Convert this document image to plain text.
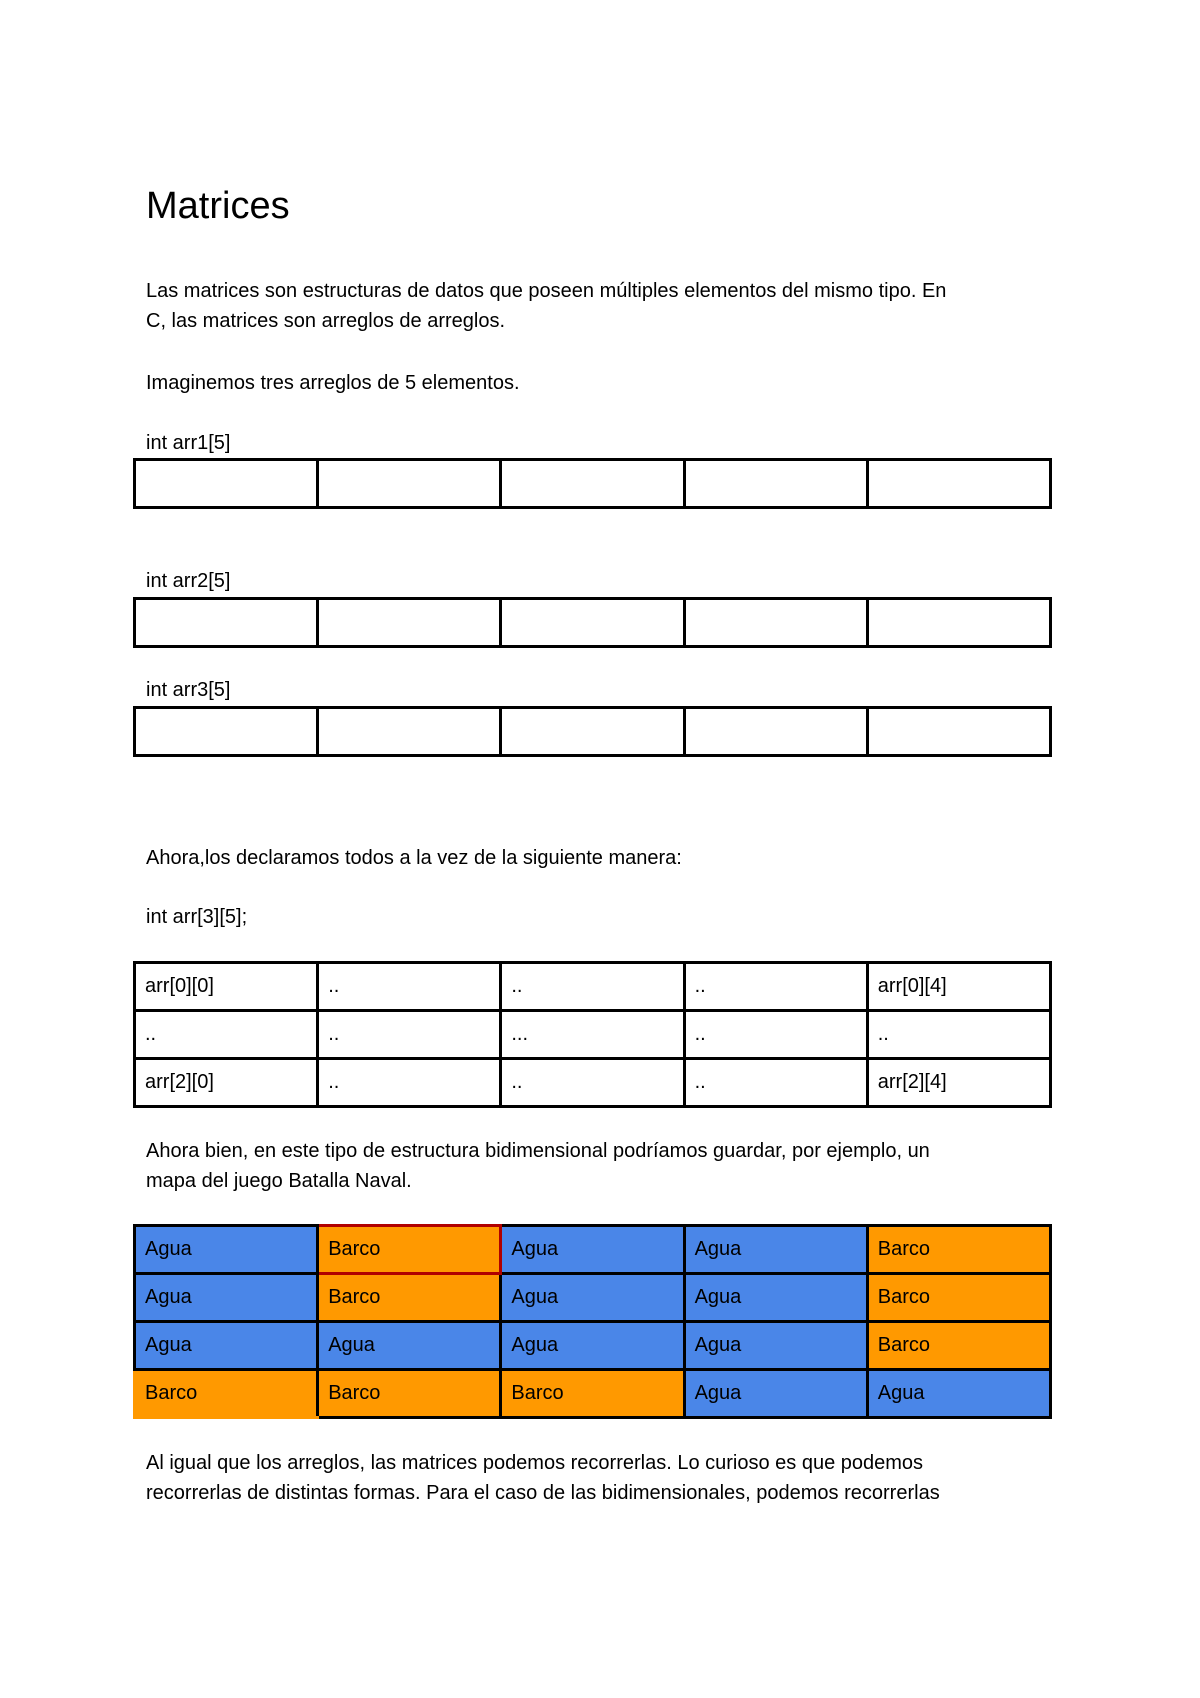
Matrices
Las matrices son estructuras de datos que poseen múltiples elementos del mismo tipo. En
C, las matrices son arreglos de arreglos.
Imaginemos tres arreglos de 5 elementos.
int arr1[5]

int arr2[5]

int arr3[5]

Ahora,los declaramos todos a la vez de la siguiente manera:
int arr[3][5];
arr[0][0]	..	..	..	arr[0][4]
..	..	...	..	..
arr[2][0]	..	..	..	arr[2][4]
Ahora bien, en este tipo de estructura bidimensional podríamos guardar, por ejemplo, un
mapa del juego Batalla Naval.
Agua	Barco	Agua	Agua	Barco
Agua	Barco	Agua	Agua	Barco
Agua	Agua	Agua	Agua	Barco
Barco	Barco	Barco	Agua	Agua
Al igual que los arreglos, las matrices podemos recorrerlas. Lo curioso es que podemos
recorrerlas de distintas formas. Para el caso de las bidimensionales, podemos recorrerlas
